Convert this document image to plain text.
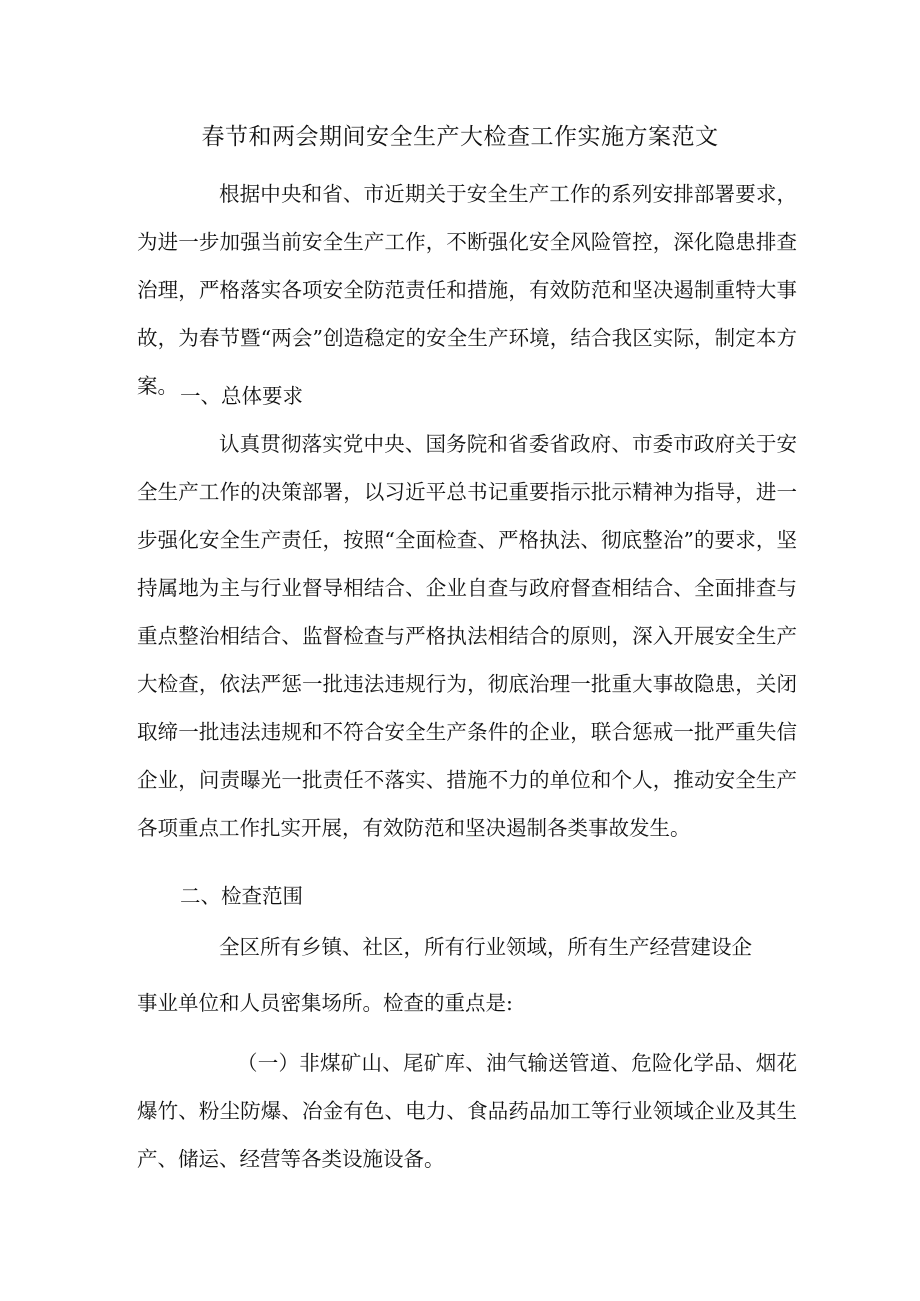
春节和两会期间安全生产大检查工作实施方案范文

根据中央和省、市近期关于安全生产工作的系列安排部署要求，为进一步加强当前安全生产工作，不断强化安全风险管控，深化隐患排查治理，严格落实各项安全防范责任和措施，有效防范和坚决遏制重特大事故，为春节暨“两会”创造稳定的安全生产环境，结合我区实际，制定本方案。 一、总体要求

认真贯彻落实党中央、国务院和省委省政府、市委市政府关于安全生产工作的决策部署，以习近平总书记重要指示批示精神为指导，进一步强化安全生产责任，按照“全面检查、严格执法、彻底整治”的要求，坚持属地为主与行业督导相结合、企业自查与政府督查相结合、全面排查与重点整治相结合、监督检查与严格执法相结合的原则，深入开展安全生产大检查，依法严惩一批违法违规行为，彻底治理一批重大事故隐患，关闭取缔一批违法违规和不符合安全生产条件的企业，联合惩戒一批严重失信企业，问责曝光一批责任不落实、措施不力的单位和个人，推动安全生产各项重点工作扎实开展，有效防范和坚决遏制各类事故发生。

二、检查范围
全区所有乡镇、社区，所有行业领域，所有生产经营建设企
事业单位和人员密集场所。检查的重点是:

（一）非煤矿山、尾矿库、油气输送管道、危险化学品、烟花爆竹、粉尘防爆、冶金有色、电力、食品药品加工等行业领域企业及其生产、储运、经营等各类设施设备。
